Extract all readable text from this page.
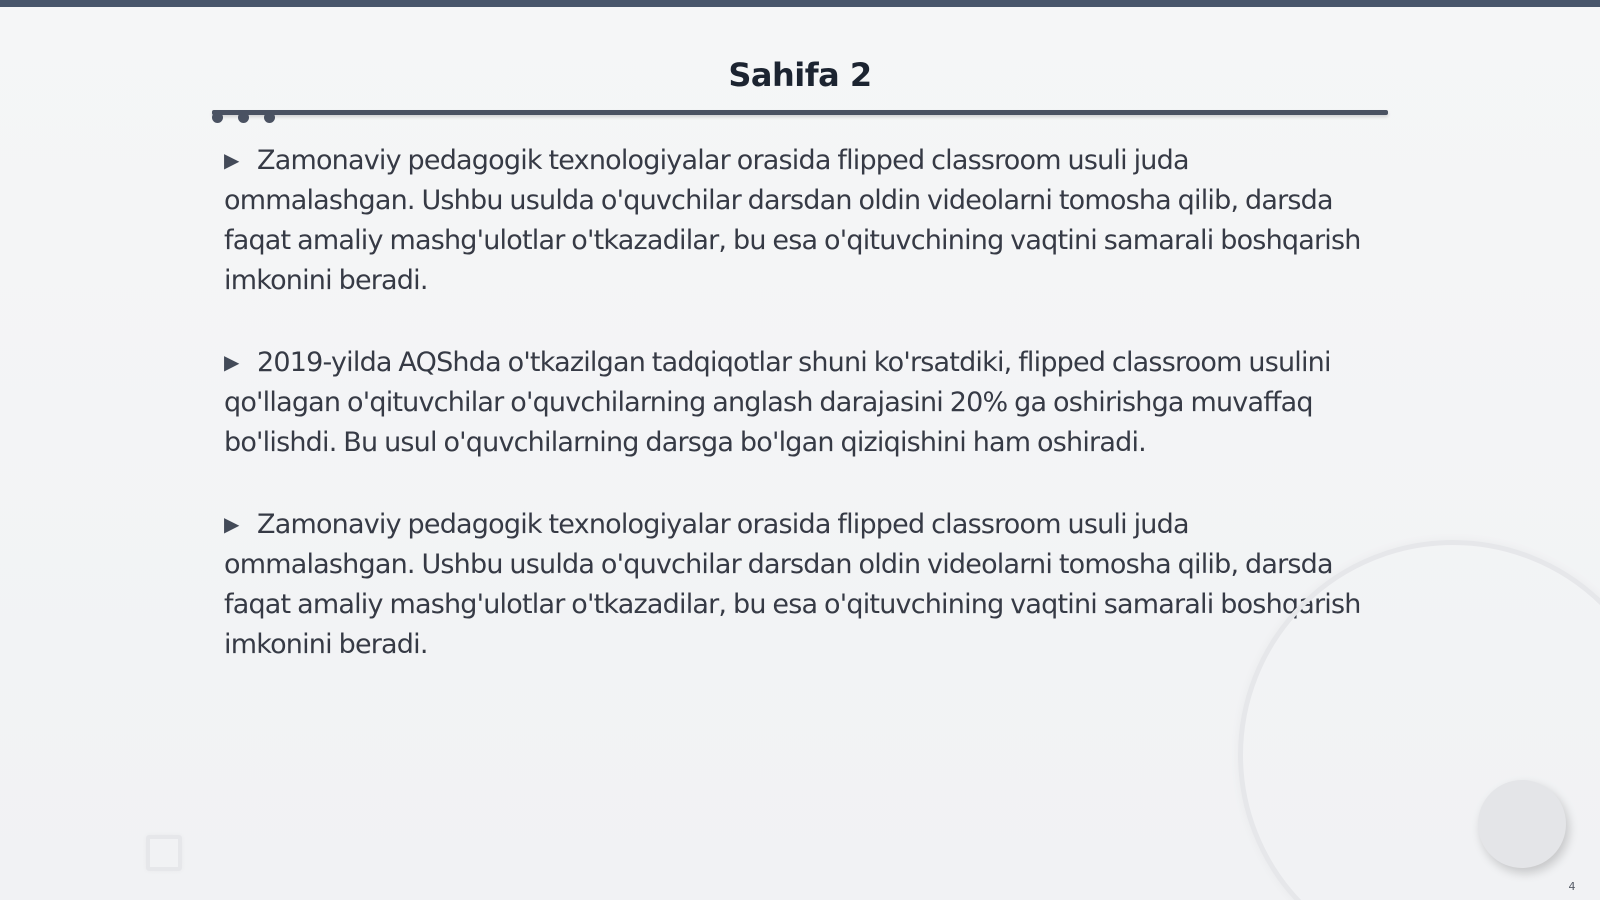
Sahifa 2

▶ Zamonaviy pedagogik texnologiyalar orasida flipped classroom usuli juda ommalashgan. Ushbu usulda o'quvchilar darsdan oldin videolarni tomosha qilib, darsda faqat amaliy mashg'ulotlar o'tkazadilar, bu esa o'qituvchining vaqtini samarali boshqarish imkonini beradi.

▶ 2019-yilda AQShda o'tkazilgan tadqiqotlar shuni ko'rsatdiki, flipped classroom usulini qo'llagan o'qituvchilar o'quvchilarning anglash darajasini 20% ga oshirishga muvaffaq bo'lishdi. Bu usul o'quvchilarning darsga bo'lgan qiziqishini ham oshiradi.

▶ Zamonaviy pedagogik texnologiyalar orasida flipped classroom usuli juda ommalashgan. Ushbu usulda o'quvchilar darsdan oldin videolarni tomosha qilib, darsda faqat amaliy mashg'ulotlar o'tkazadilar, bu esa o'qituvchining vaqtini samarali boshqarish imkonini beradi.

4
